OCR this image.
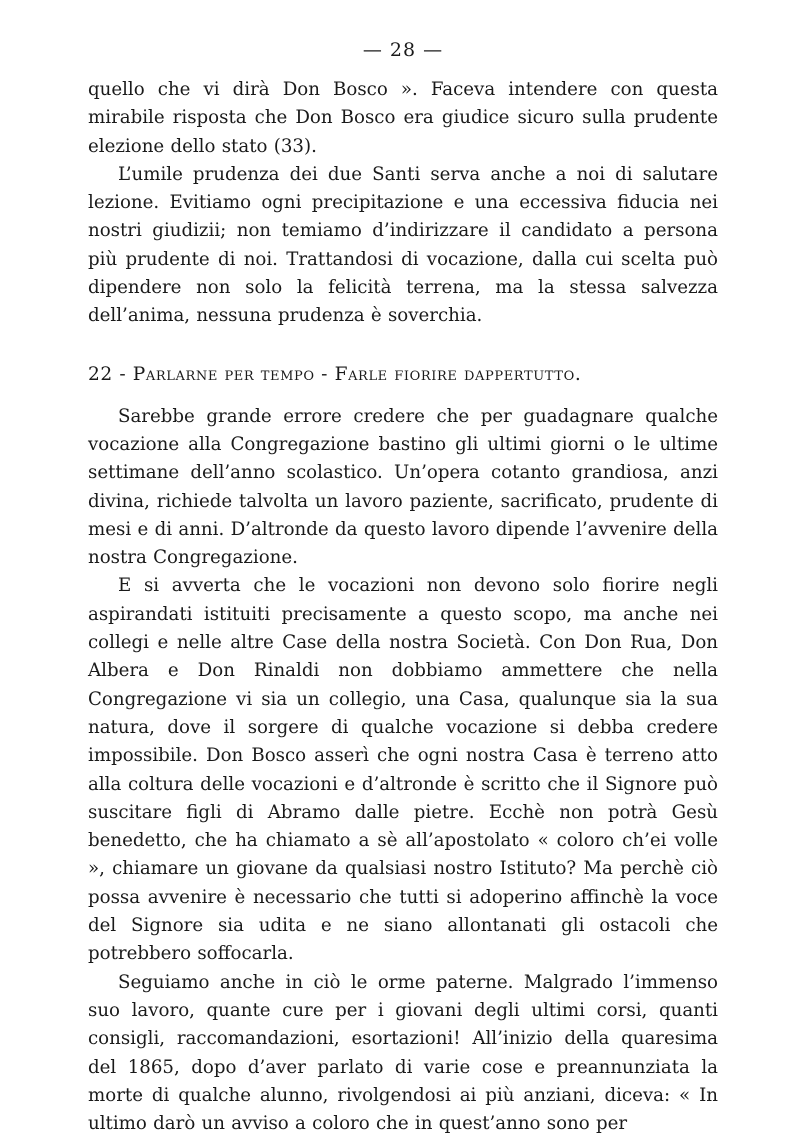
— 28 —

quello che vi dirà Don Bosco ». Faceva intendere con questa mirabile risposta che Don Bosco era giudice sicuro sulla prudente elezione dello stato (33).

L’umile prudenza dei due Santi serva anche a noi di salutare lezione. Evitiamo ogni precipitazione e una eccessiva fiducia nei nostri giudizii; non temiamo d’indirizzare il candidato a persona più prudente di noi. Trattandosi di vocazione, dalla cui scelta può dipendere non solo la felicità terrena, ma la stessa salvezza dell’anima, nessuna prudenza è soverchia.

22 - Parlarne per tempo - Farle fiorire dappertutto.

Sarebbe grande errore credere che per guadagnare qualche vocazione alla Congregazione bastino gli ultimi giorni o le ultime settimane dell’anno scolastico. Un’opera cotanto grandiosa, anzi divina, richiede talvolta un lavoro paziente, sacrificato, prudente di mesi e di anni. D’altronde da questo lavoro dipende l’avvenire della nostra Congregazione.

E si avverta che le vocazioni non devono solo fiorire negli aspirandati istituiti precisamente a questo scopo, ma anche nei collegi e nelle altre Case della nostra Società. Con Don Rua, Don Albera e Don Rinaldi non dobbiamo ammettere che nella Congregazione vi sia un collegio, una Casa, qualunque sia la sua natura, dove il sorgere di qualche vocazione si debba credere impossibile. Don Bosco asserì che ogni nostra Casa è terreno atto alla coltura delle vocazioni e d’altronde è scritto che il Signore può suscitare figli di Abramo dalle pietre. Ecchè non potrà Gesù benedetto, che ha chiamato a sè all’apostolato « coloro ch’ei volle », chiamare un giovane da qualsiasi nostro Istituto? Ma perchè ciò possa avvenire è necessario che tutti si adoperino affinchè la voce del Signore sia udita e ne siano allontanati gli ostacoli che potrebbero soffocarla.

Seguiamo anche in ciò le orme paterne. Malgrado l’immenso suo lavoro, quante cure per i giovani degli ultimi corsi, quanti consigli, raccomandazioni, esortazioni! All’inizio della quaresima del 1865, dopo d’aver parlato di varie cose e preannunziata la morte di qualche alunno, rivolgendosi ai più anziani, diceva: « In ultimo darò un avviso a coloro che in quest’anno sono per
